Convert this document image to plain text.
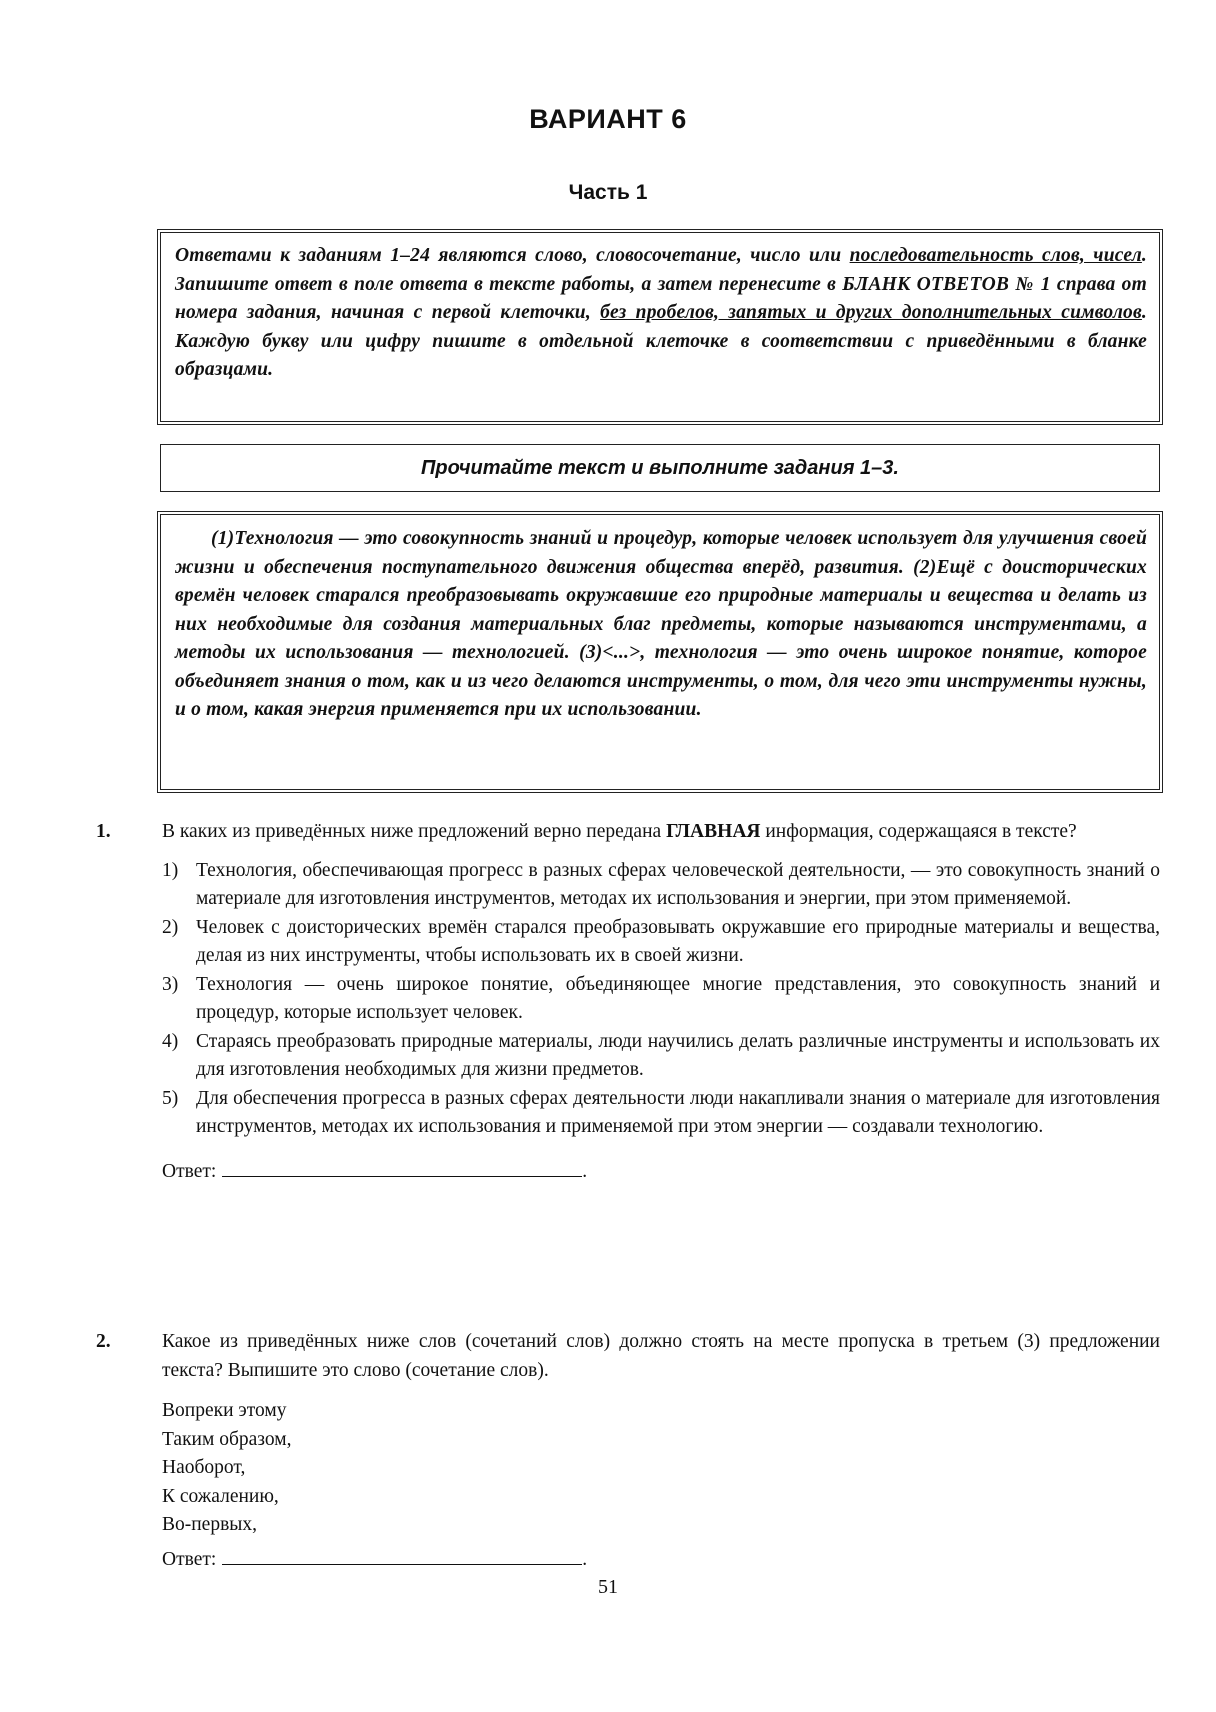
ВАРИАНТ 6
Часть 1

Ответами к заданиям 1–24 являются слово, словосочетание, число или последовательность слов, чисел. Запишите ответ в поле ответа в тексте работы, а затем перенесите в БЛАНК ОТВЕТОВ № 1 справа от номера задания, начиная с первой клеточки, без пробелов, запятых и других дополнительных символов. Каждую букву или цифру пишите в отдельной клеточке в соответствии с приведёнными в бланке образцами.

Прочитайте текст и выполните задания 1–3.

(1)Технология — это совокупность знаний и процедур, которые человек использует для улучшения своей жизни и обеспечения поступательного движения общества вперёд, развития. (2)Ещё с доисторических времён человек старался преобразовывать окружавшие его природные материалы и вещества и делать из них необходимые для создания материальных благ предметы, которые называются инструментами, а методы их использования — технологией. (3)<...>, технология — это очень широкое понятие, которое объединяет знания о том, как и из чего делаются инструменты, о том, для чего эти инструменты нужны, и о том, какая энергия применяется при их использовании.

1.	В каких из приведённых ниже предложений верно передана ГЛАВНАЯ информация, содержащаяся в тексте?

1) Технология, обеспечивающая прогресс в разных сферах человеческой деятельности, — это совокупность знаний о материале для изготовления инструментов, методах их использования и энергии, при этом применяемой.
2) Человек с доисторических времён старался преобразовывать окружавшие его природные материалы и вещества, делая из них инструменты, чтобы использовать их в своей жизни.
3) Технология — очень широкое понятие, объединяющее многие представления, это совокупность знаний и процедур, которые использует человек.
4) Стараясь преобразовать природные материалы, люди научились делать различные инструменты и использовать их для изготовления необходимых для жизни предметов.
5) Для обеспечения прогресса в разных сферах деятельности люди накапливали знания о материале для изготовления инструментов, методах их использования и применяемой при этом энергии — создавали технологию.
Ответ:	.
2.	Какое из приведённых ниже слов (сочетаний слов) должно стоять на месте пропуска в третьем (3) предложении текста? Выпишите это слово (сочетание слов).

Вопреки этому
Таким образом,
Наоборот,
К сожалению,
Во-первых,
Ответ:	.
51
